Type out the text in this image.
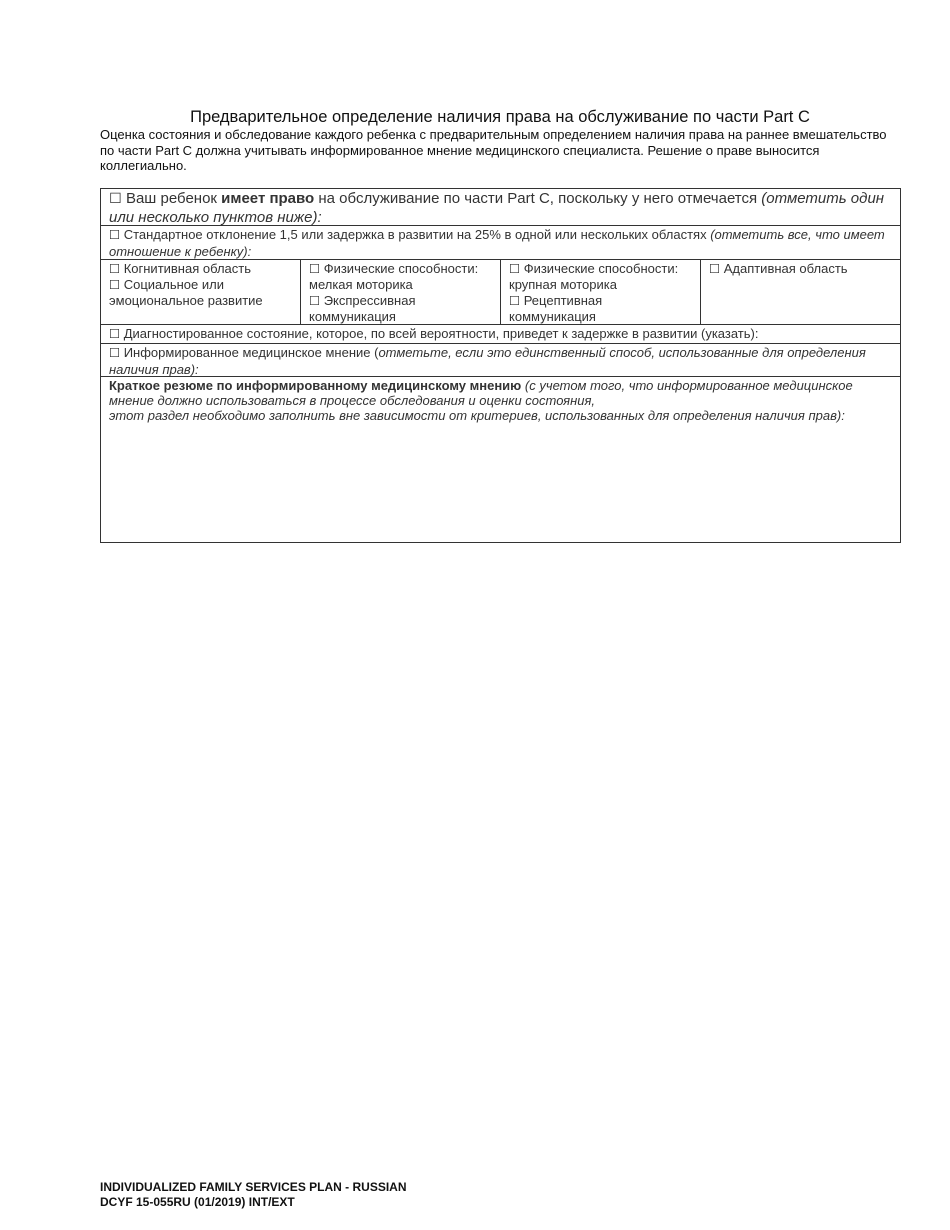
Предварительное определение наличия права на обслуживание по части Part C
Оценка состояния и обследование каждого ребенка с предварительным определением наличия права на раннее вмешательство по части Part C должна учитывать информированное мнение медицинского специалиста. Решение о праве выносится коллегиально.
☐ Ваш ребенок имеет право на обслуживание по части Part C, поскольку у него отмечается (отметить один или несколько пунктов ниже):
☐ Стандартное отклонение 1,5 или задержка в развитии на 25% в одной или нескольких областях (отметить все, что имеет отношение к ребенку):
☐ Когнитивная область
☐ Социальное или эмоциональное развитие
☐ Физические способности: мелкая моторика
☐ Экспрессивная коммуникация
☐ Физические способности: крупная моторика
☐ Рецептивная коммуникация
☐ Адаптивная область
☐ Диагностированное состояние, которое, по всей вероятности, приведет к задержке в развитии (указать):
☐ Информированное медицинское мнение (отметьте, если это единственный способ, использованные для определения наличия прав):
Краткое резюме по информированному медицинскому мнению (с учетом того, что информированное медицинское мнение должно использоваться в процессе обследования и оценки состояния,
этот раздел необходимо заполнить вне зависимости от критериев, использованных для определения наличия прав):
INDIVIDUALIZED FAMILY SERVICES PLAN - RUSSIAN
DCYF 15-055RU (01/2019) INT/EXT
